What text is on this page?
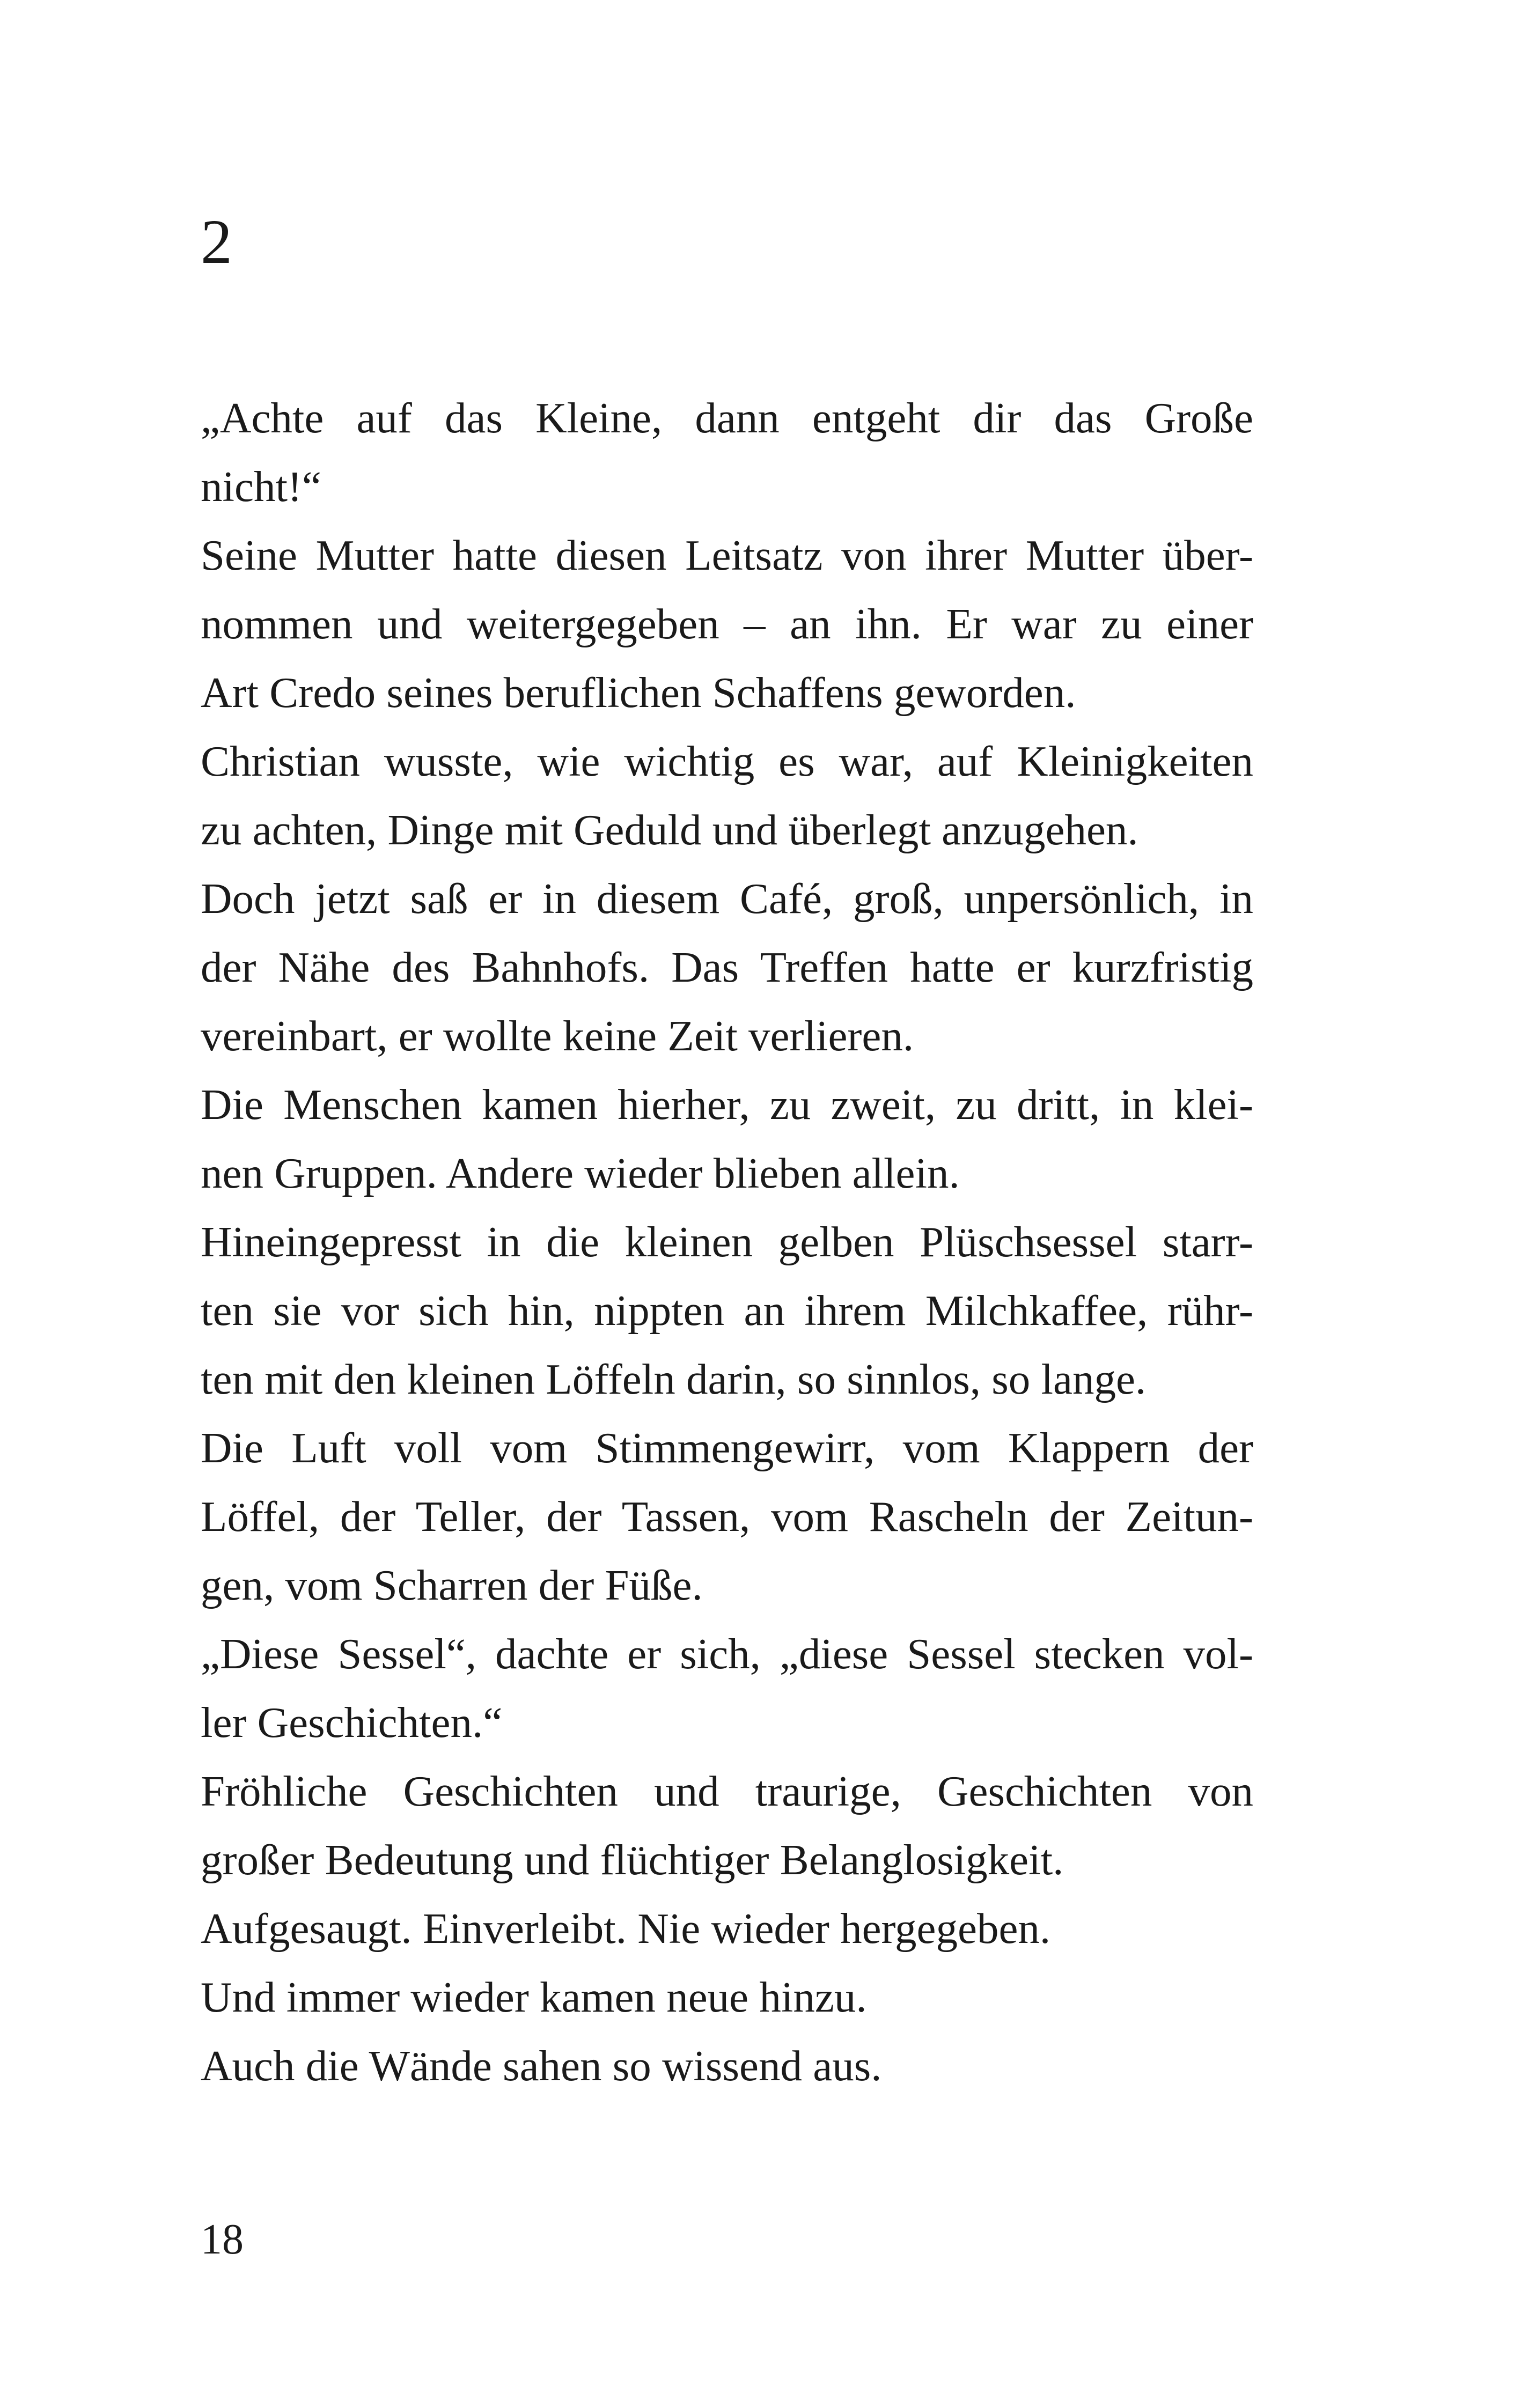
2
„Achte auf das Kleine, dann entgeht dir das Große
nicht!“
Seine Mutter hatte diesen Leitsatz von ihrer Mutter über-
nommen und weitergegeben – an ihn. Er war zu einer
Art Credo seines beruflichen Schaffens geworden.
Christian wusste, wie wichtig es war, auf Kleinigkeiten
zu achten, Dinge mit Geduld und überlegt anzugehen.
Doch jetzt saß er in diesem Café, groß, unpersönlich, in
der Nähe des Bahnhofs. Das Treffen hatte er kurzfristig
vereinbart, er wollte keine Zeit verlieren.
Die Menschen kamen hierher, zu zweit, zu dritt, in klei-
nen Gruppen. Andere wieder blieben allein.
Hineingepresst in die kleinen gelben Plüschsessel starr-
ten sie vor sich hin, nippten an ihrem Milchkaffee, rühr-
ten mit den kleinen Löffeln darin, so sinnlos, so lange.
Die Luft voll vom Stimmengewirr, vom Klappern der
Löffel, der Teller, der Tassen, vom Rascheln der Zeitun-
gen, vom Scharren der Füße.
„Diese Sessel“, dachte er sich, „diese Sessel stecken vol-
ler Geschichten.“
Fröhliche Geschichten und traurige, Geschichten von
großer Bedeutung und flüchtiger Belanglosigkeit.
Aufgesaugt. Einverleibt. Nie wieder hergegeben.
Und immer wieder kamen neue hinzu.
Auch die Wände sahen so wissend aus.
18
